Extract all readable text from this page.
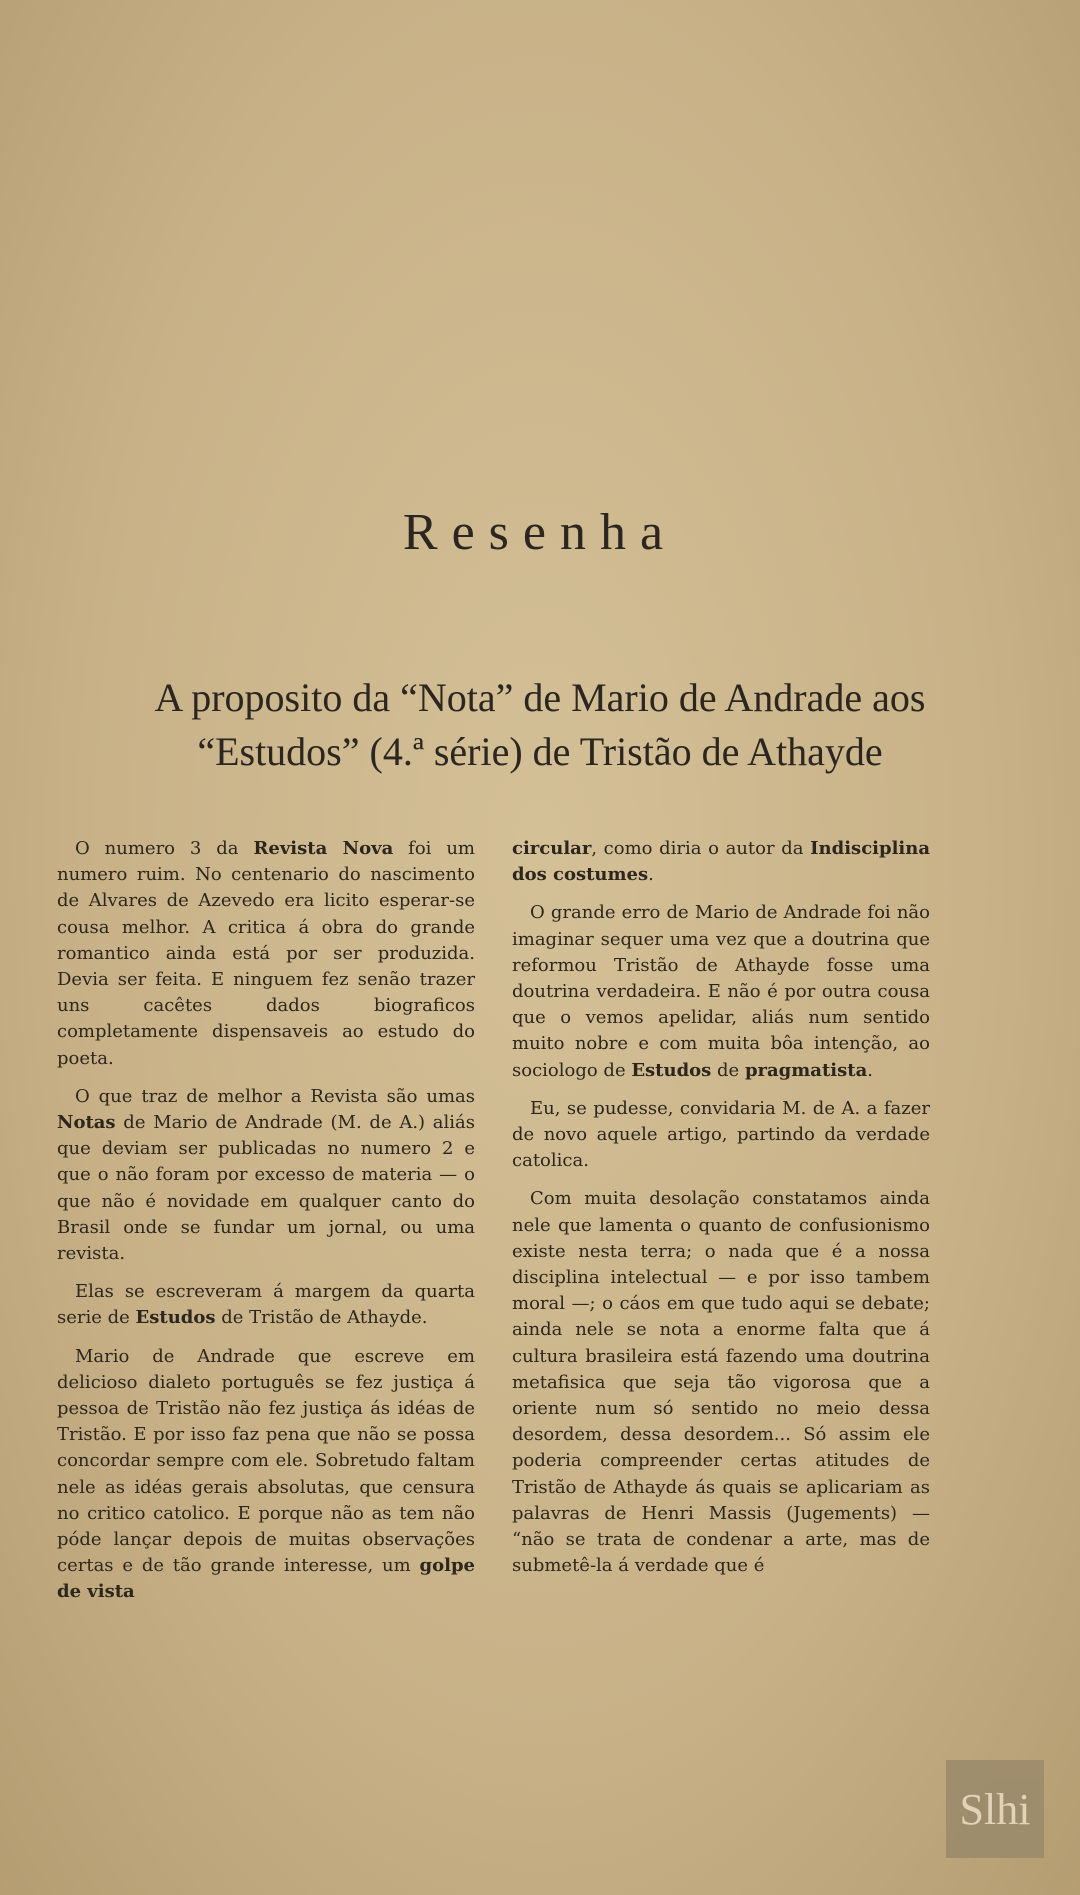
Resenha
A proposito da “Nota” de Mario de Andrade aos
“Estudos” (4.ª série) de Tristão de Athayde

O numero 3 da Revista Nova foi um numero ruim. No centenario do nascimento de Alvares de Azevedo era licito esperar-se cousa melhor. A critica á obra do grande romantico ainda está por ser produzida. Devia ser feita. E ninguem fez senão trazer uns cacêtes dados biograficos completamente dispensaveis ao estudo do poeta.

O que traz de melhor a Revista são umas Notas de Mario de Andrade (M. de A.) aliás que deviam ser publicadas no numero 2 e que o não foram por excesso de materia — o que não é novidade em qualquer canto do Brasil onde se fundar um jornal, ou uma revista.

Elas se escreveram á margem da quarta serie de Estudos de Tristão de Athayde.

Mario de Andrade que escreve em delicioso dialeto português se fez justiça á pessoa de Tristão não fez justiça ás idéas de Tristão. E por isso faz pena que não se possa concordar sempre com ele. Sobretudo faltam nele as idéas gerais absolutas, que censura no critico catolico. E porque não as tem não póde lançar depois de muitas observações certas e de tão grande interesse, um golpe de vista

circular, como diria o autor da Indisciplina dos costumes.

O grande erro de Mario de Andrade foi não imaginar sequer uma vez que a doutrina que reformou Tristão de Athayde fosse uma doutrina verdadeira. E não é por outra cousa que o vemos apelidar, aliás num sentido muito nobre e com muita bôa intenção, ao sociologo de Estudos de pragmatista.

Eu, se pudesse, convidaria M. de A. a fazer de novo aquele artigo, partindo da verdade catolica.

Com muita desolação constatamos ainda nele que lamenta o quanto de confusionismo existe nesta terra; o nada que é a nossa disciplina intelectual — e por isso tambem moral —; o cáos em que tudo aqui se debate; ainda nele se nota a enorme falta que á cultura brasileira está fazendo uma doutrina metafisica que seja tão vigorosa que a oriente num só sentido no meio dessa desordem, dessa desordem... Só assim ele poderia compreender certas atitudes de Tristão de Athayde ás quais se aplicariam as palavras de Henri Massis (Jugements) — “não se trata de condenar a arte, mas de submetê-la á verdade que é

Slhi
